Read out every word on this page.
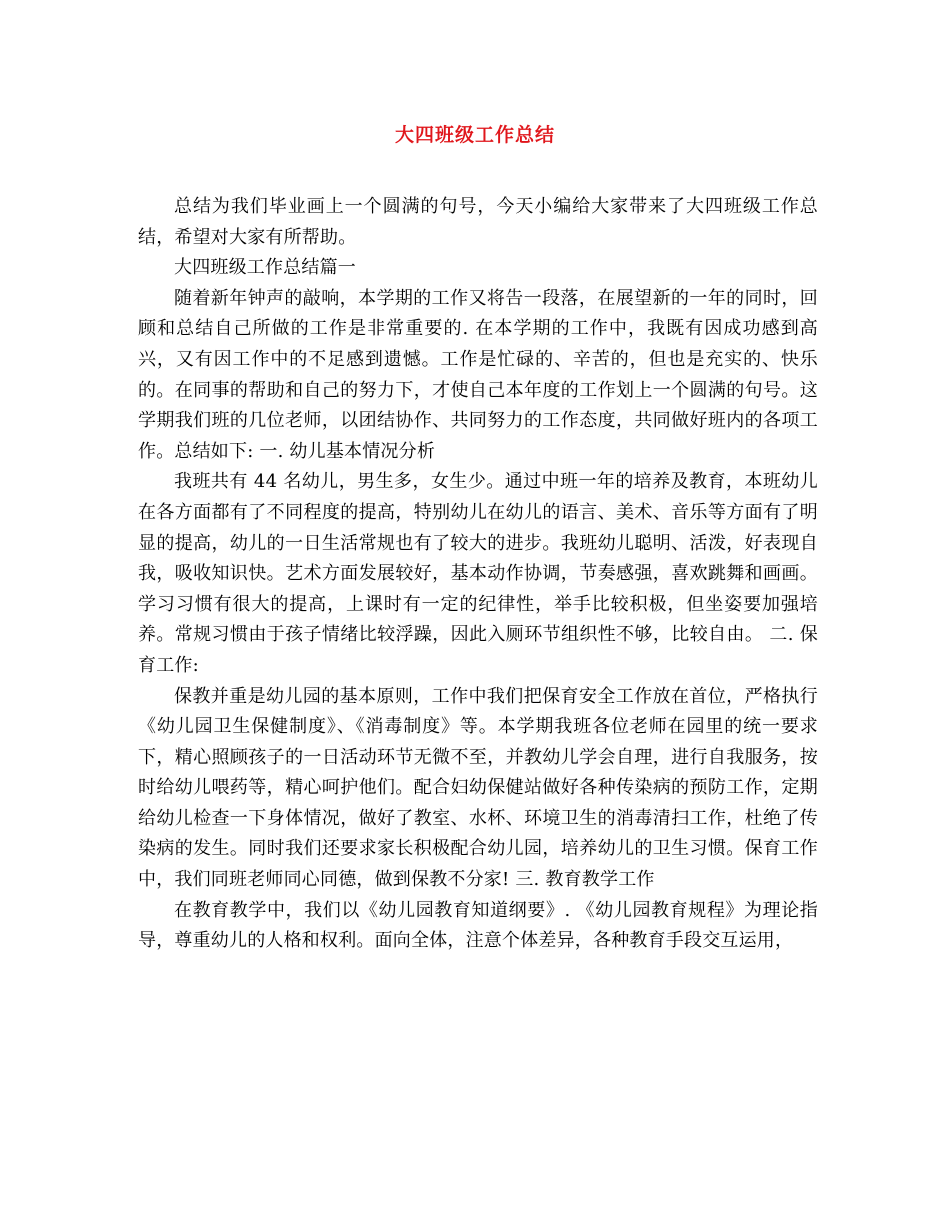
大四班级工作总结

总结为我们毕业画上一个圆满的句号，今天小编给大家带来了大四班级工作总结，希望对大家有所帮助。

大四班级工作总结篇一

随着新年钟声的敲响，本学期的工作又将告一段落，在展望新的一年的同时，回顾和总结自己所做的工作是非常重要的. 在本学期的工作中，我既有因成功感到高兴，又有因工作中的不足感到遗憾。工作是忙碌的、辛苦的，但也是充实的、快乐的。在同事的帮助和自己的努力下，才使自己本年度的工作划上一个圆满的句号。这学期我们班的几位老师，以团结协作、共同努力的工作态度，共同做好班内的各项工作。总结如下: 一. 幼儿基本情况分析

我班共有 44 名幼儿，男生多，女生少。通过中班一年的培养及教育，本班幼儿在各方面都有了不同程度的提高，特别幼儿在幼儿的语言、美术、音乐等方面有了明显的提高，幼儿的一日生活常规也有了较大的进步。我班幼儿聪明、活泼，好表现自我，吸收知识快。艺术方面发展较好，基本动作协调，节奏感强，喜欢跳舞和画画。学习习惯有很大的提高，上课时有一定的纪律性，举手比较积极，但坐姿要加强培养。常规习惯由于孩子情绪比较浮躁，因此入厕环节组织性不够，比较自由。 二. 保育工作:

保教并重是幼儿园的基本原则，工作中我们把保育安全工作放在首位，严格执行《幼儿园卫生保健制度》、《消毒制度》等。本学期我班各位老师在园里的统一要求下，精心照顾孩子的一日活动环节无微不至，并教幼儿学会自理，进行自我服务，按时给幼儿喂药等，精心呵护他们。配合妇幼保健站做好各种传染病的预防工作，定期给幼儿检查一下身体情况，做好了教室、水杯、环境卫生的消毒清扫工作，杜绝了传染病的发生。同时我们还要求家长积极配合幼儿园，培养幼儿的卫生习惯。保育工作中，我们同班老师同心同德，做到保教不分家! 三. 教育教学工作

在教育教学中，我们以《幼儿园教育知道纲要》. 《幼儿园教育规程》为理论指导，尊重幼儿的人格和权利。面向全体，注意个体差异，各种教育手段交互运用，
